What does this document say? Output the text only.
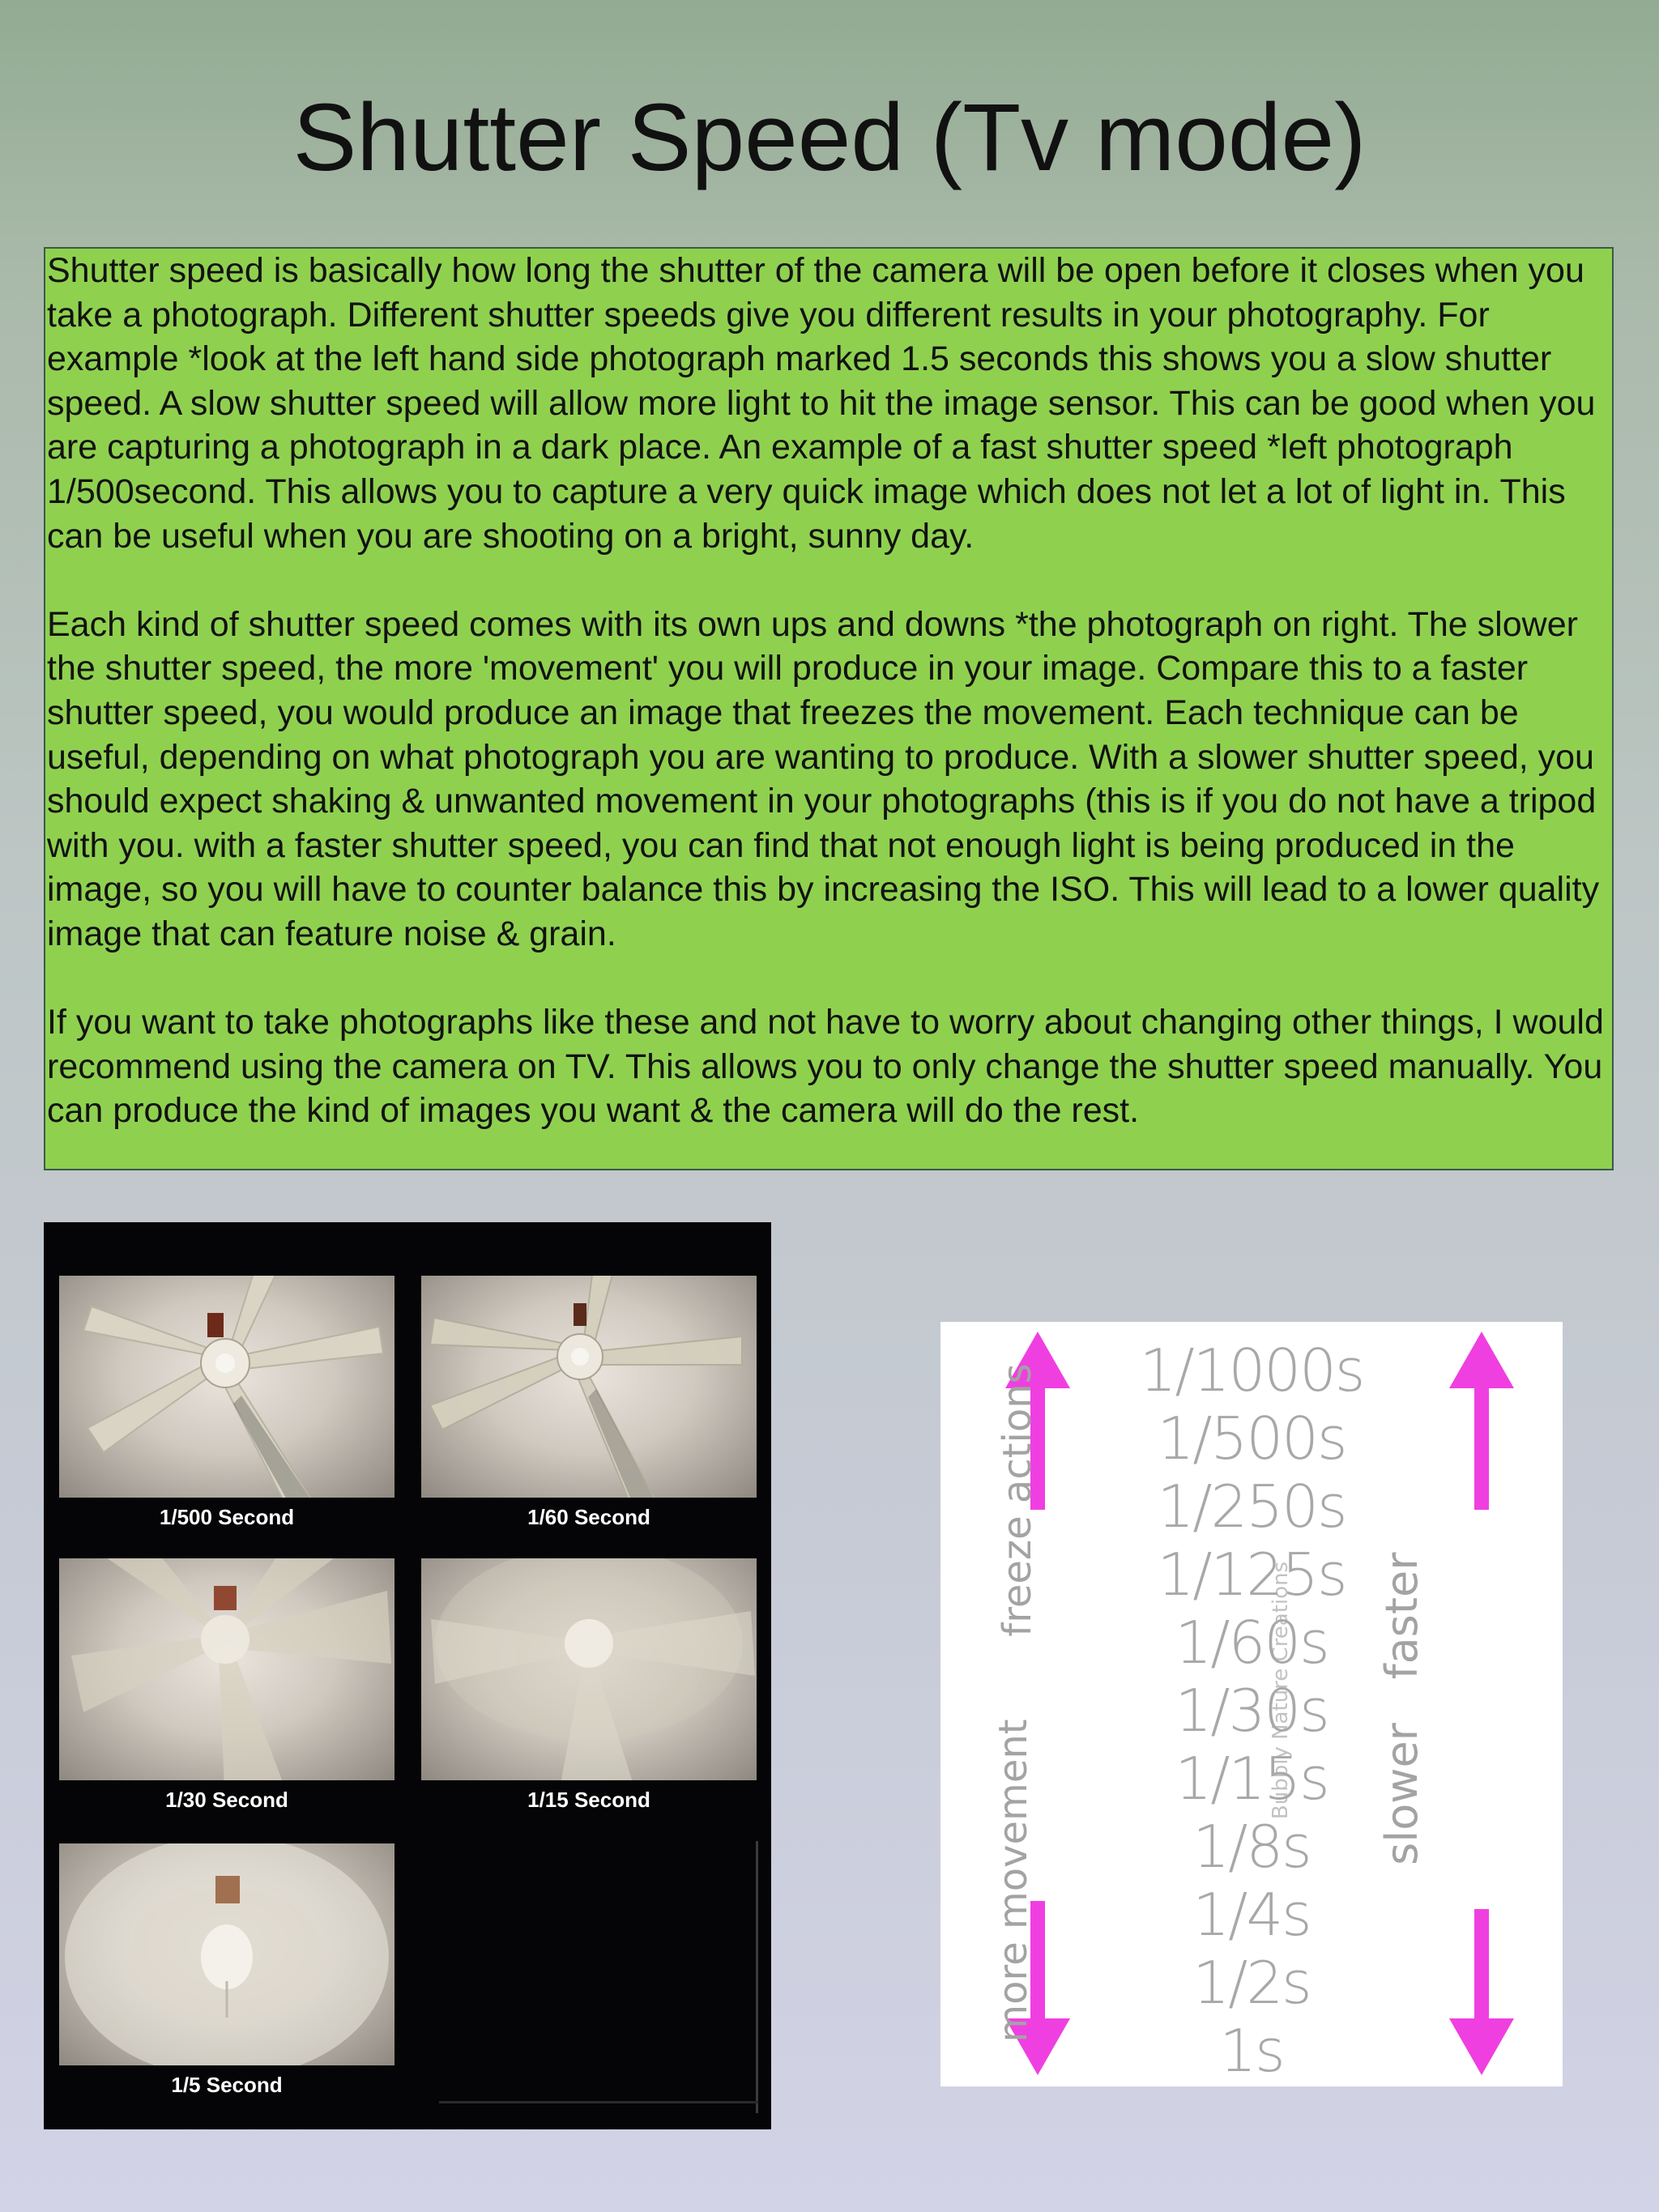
Shutter Speed (Tv mode)

Shutter speed is basically how long the shutter of the camera will be open before it closes when you take a photograph. Different shutter speeds give you different results in your photography. For example *look at the left hand side photograph marked 1.5 seconds this shows you a slow shutter speed. A slow shutter speed will allow more light to hit the image sensor. This can be good when you are capturing a photograph in a dark place. An example of a fast shutter speed *left photograph 1/500second. This allows you to capture a very quick image which does not let a lot of light in. This can be useful when you are shooting on a bright, sunny day.

Each kind of shutter speed comes with its own ups and downs *the photograph on right. The slower the shutter speed, the more 'movement' you will produce in your image. Compare this to a faster shutter speed, you would produce an image that freezes the movement. Each technique can be useful, depending on what photograph you are wanting to produce. With a slower shutter speed, you should expect shaking & unwanted movement in your photographs (this is if you do not have a tripod with you. with a faster shutter speed, you can find that not enough light is being produced in the image, so you will have to counter balance this by increasing the ISO. This will lead to a lower quality image that can feature noise & grain.

If you want to take photographs like these and not have to worry about changing other things, I would recommend using the camera on TV. This allows you to only change the shutter speed manually. You can produce the kind of images you want & the camera will do the rest.

1/500 Second	1/60 Second
1/30 Second	1/15 Second
1/5 Second
freeze actions
more movement
faster
slower
Bubbly Nature Creations
1/1000s
1/500s
1/250s
1/125s
1/60s
1/30s
1/15s
1/8s
1/4s
1/2s
1s
